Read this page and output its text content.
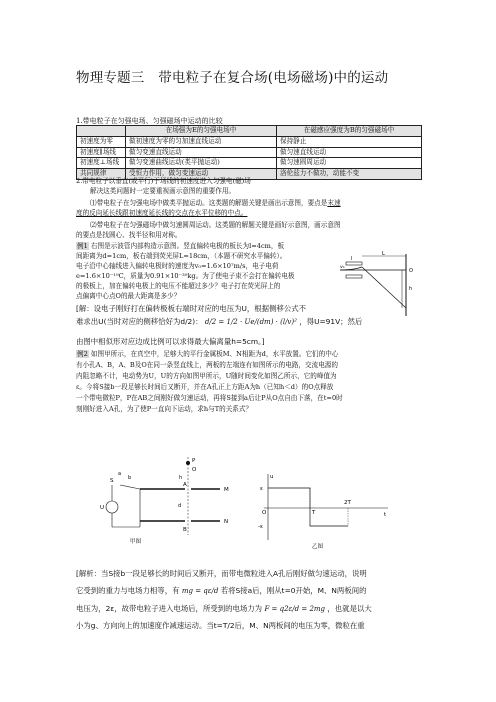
物理专题三　带电粒子在复合场(电场磁场)中的运动
1.带电粒子在匀强电场、匀强磁场中运动的比较
	在场强为E的匀强电场中	在磁感应强度为B的匀强磁场中
初速度为零	做初速度为零的匀加速直线运动	保持静止
初速度∥场线	做匀变速直线运动	做匀速直线运动
初速度⊥场线	做匀变速曲线运动(类平抛运动)	做匀速圆周运动
共同规律	受恒力作用，做匀变速运动	洛伦兹力不做功，动能不变
2.带电粒子以垂直(或平行)于场线的初速度进入匀强电(磁)场
解决这类问题时一定要重视画示意图的重要作用。
⑴带电粒子在匀强电场中做类平抛运动。这类题的解题关键是画出示意图，要点是末速
度的反向延长线跟初速度延长线的交点在水平位移的中点。
⑵带电粒子在匀强磁场中做匀速圆周运动。这类题的解题关键是画好示意图，画示意图
的要点是找圆心、找半径和用对称。
例1 右图是示波管内部构造示意图。竖直偏转电极的板长为l=4cm，板
间距离为d=1cm，板右端到荧光屏L=18cm，（本题不研究水平偏转）。
电子沿中心轴线进入偏转电极时的速度为v₀=1.6×10⁷m/s，电子电荷
e=1.6×10⁻¹⁹C，质量为0.91×10⁻³⁰kg。为了使电子束不会打在偏转电极
的极板上，加在偏转电极上的电压不能超过多少？电子打在荧光屏上的
点偏离中心点O的最大距离是多少？
L
l
h
O
v₀
[解：设电子刚好打在偏转极板右端时对应的电压为U，根据侧移公式不
难求出U(当时对应的侧移恰好为d/2)： d/2 = 1/2 · Ue/(dm) · (l/v)² ，得U=91V；然后
由图中相似形对应边成比例可以求得最大偏离量h=5cm。]
例2 如图甲所示，在真空中，足够大的平行金属板M、N相距为d，水平放置。它们的中心
有小孔A、B，A、B及O在同一条竖直线上，两板的左端连有如图所示的电路，交流电源的
内阻忽略不计，电动势为U，U的方向如图甲所示，U随时间变化如图乙所示，它的峰值为
ε。今将S接b一段足够长时间后又断开，并在A孔正上方距A为h（已知h＜d）的O点释放
一个带电微粒P，P在AB之间刚好做匀速运动，再将S接到a后让P从O点自由下落，在t=0时
刻刚好进入A孔，为了使P一直向下运动，求h与T的关系式？
P
O
A
M
N
B
h
d
S
a
b
U
甲图
u
ε
-ε
O	t
T
2T
乙图
[解析：当S接b一段足够长的时间后又断开，而带电微粒进入A孔后刚好做匀速运动，说明
它受到的重力与电场力相等，有 mg = qε/d 若将S接a后，刚从t=0开始，M、N两板间的
电压为，2ε，故带电粒子进入电场后，所受到的电场力为 F = q2ε/d = 2mg ，也就是以大
小为g、方向向上的加速度作减速运动。当t=T/2后，M、N两板间的电压为零，微粒在重
